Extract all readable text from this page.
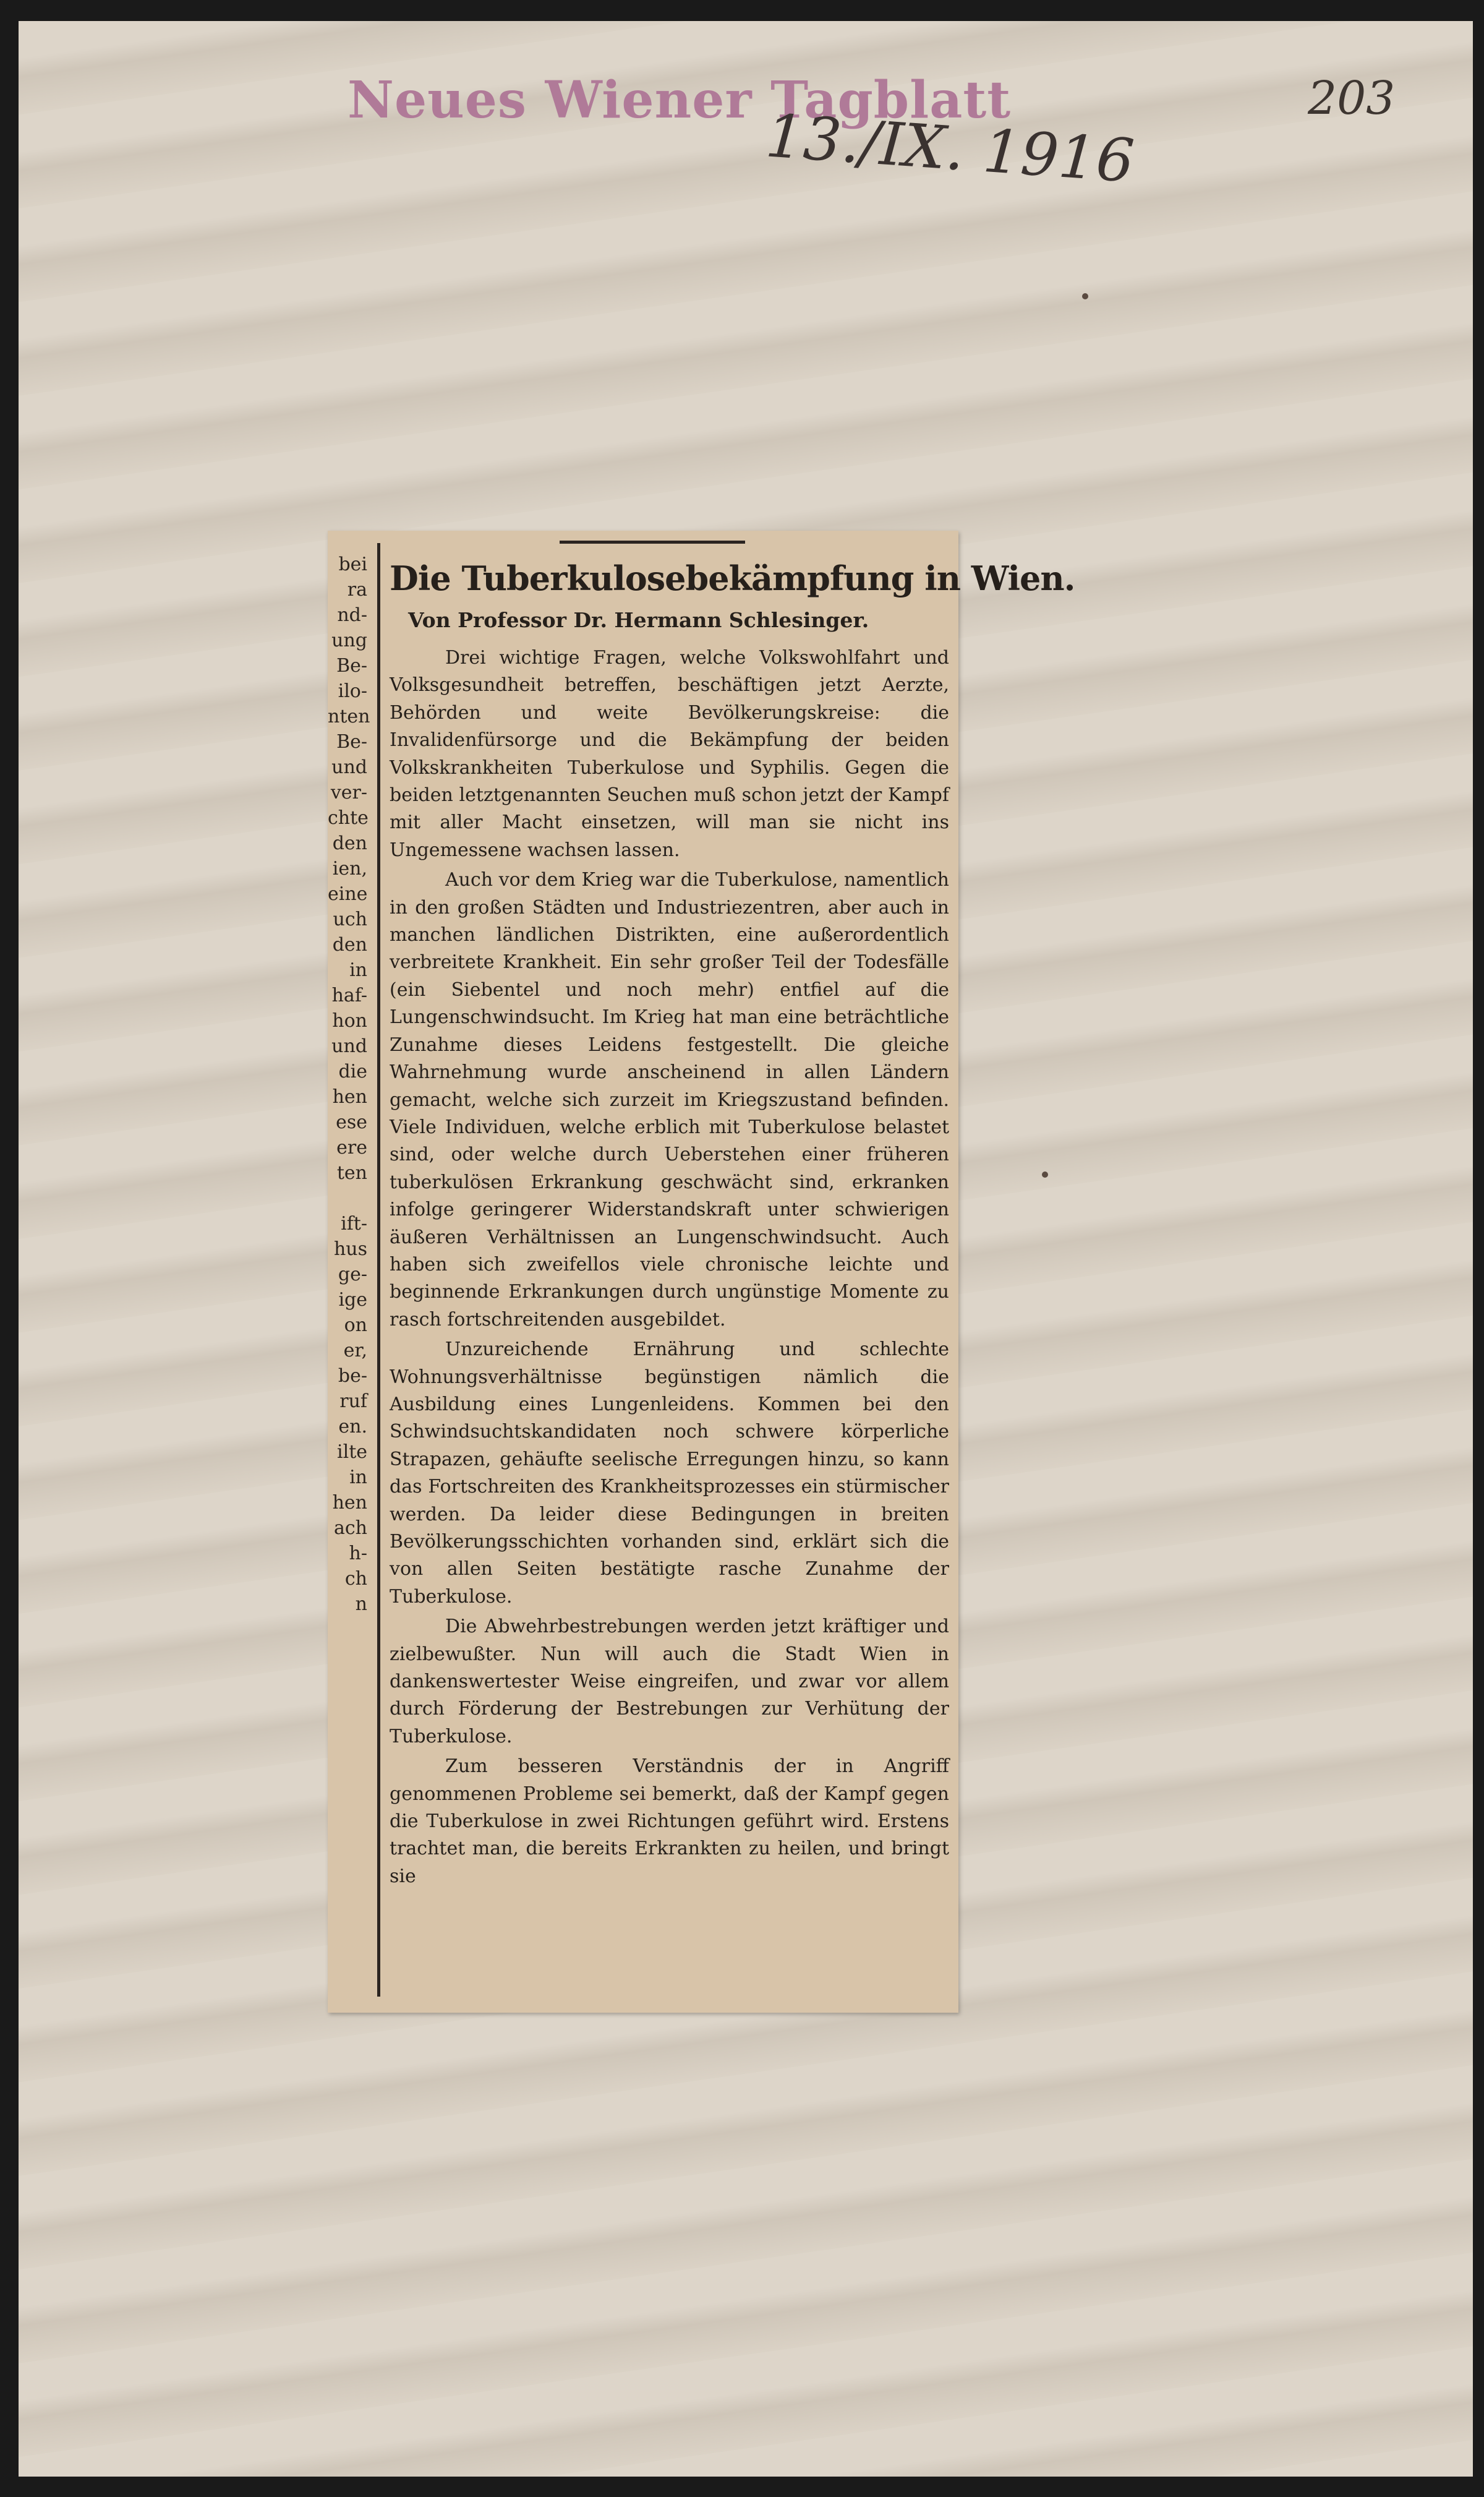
Neues Wiener Tagblatt
13./IX. 1916
203
bei
ra
nd-
ung
Be-
ilo-
nten
Be-
und
ver-
chte
den
ien,
eine
uch
den
in
haf-
hon
und
die
hen
ese
ere
ten
ift-
hus
ge-
ige
on
er,
be-
ruf
en.
ilte
in
hen
ach
h-
ch
n
Die Tuberkulosebekämpfung in Wien.
Von Professor Dr. Hermann Schlesinger.

Drei wichtige Fragen, welche Volkswohlfahrt und Volksgesundheit betreffen, beschäftigen jetzt Aerzte, Behörden und weite Bevölkerungskreise: die Invalidenfürsorge und die Bekämpfung der beiden Volkskrankheiten Tuberkulose und Syphilis. Gegen die beiden letztgenannten Seuchen muß schon jetzt der Kampf mit aller Macht einsetzen, will man sie nicht ins Ungemessene wachsen lassen.

Auch vor dem Krieg war die Tuberkulose, namentlich in den großen Städten und Industriezentren, aber auch in manchen ländlichen Distrikten, eine außerordentlich verbreitete Krankheit. Ein sehr großer Teil der Todesfälle (ein Siebentel und noch mehr) entfiel auf die Lungenschwindsucht. Im Krieg hat man eine beträchtliche Zunahme dieses Leidens festgestellt. Die gleiche Wahrnehmung wurde anscheinend in allen Ländern gemacht, welche sich zurzeit im Kriegszustand befinden. Viele Individuen, welche erblich mit Tuberkulose belastet sind, oder welche durch Ueberstehen einer früheren tuberkulösen Erkrankung geschwächt sind, erkranken infolge geringerer Widerstandskraft unter schwierigen äußeren Verhältnissen an Lungenschwindsucht. Auch haben sich zweifellos viele chronische leichte und beginnende Erkrankungen durch ungünstige Momente zu rasch fortschreitenden ausgebildet.

Unzureichende Ernährung und schlechte Wohnungsverhältnisse begünstigen nämlich die Ausbildung eines Lungenleidens. Kommen bei den Schwindsuchtskandidaten noch schwere körperliche Strapazen, gehäufte seelische Erregungen hinzu, so kann das Fortschreiten des Krankheitsprozesses ein stürmischer werden. Da leider diese Bedingungen in breiten Bevölkerungsschichten vorhanden sind, erklärt sich die von allen Seiten bestätigte rasche Zunahme der Tuberkulose.

Die Abwehrbestrebungen werden jetzt kräftiger und zielbewußter. Nun will auch die Stadt Wien in dankenswertester Weise eingreifen, und zwar vor allem durch Förderung der Bestrebungen zur Verhütung der Tuberkulose.

Zum besseren Verständnis der in Angriff genommenen Probleme sei bemerkt, daß der Kampf gegen die Tuberkulose in zwei Richtungen geführt wird. Erstens trachtet man, die bereits Erkrankten zu heilen, und bringt sie
